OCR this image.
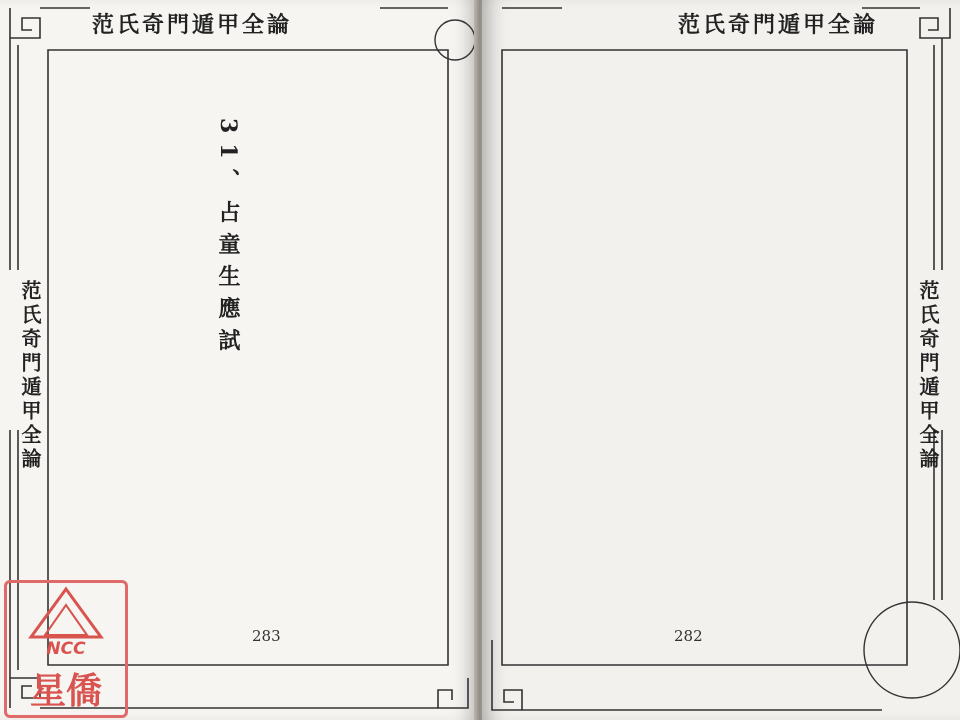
范氏奇門遁甲全論
范氏奇門遁甲全論
31、占童生應試
283
NCC
星僑
范氏奇門遁甲全論
范氏奇門遁甲全論
282
